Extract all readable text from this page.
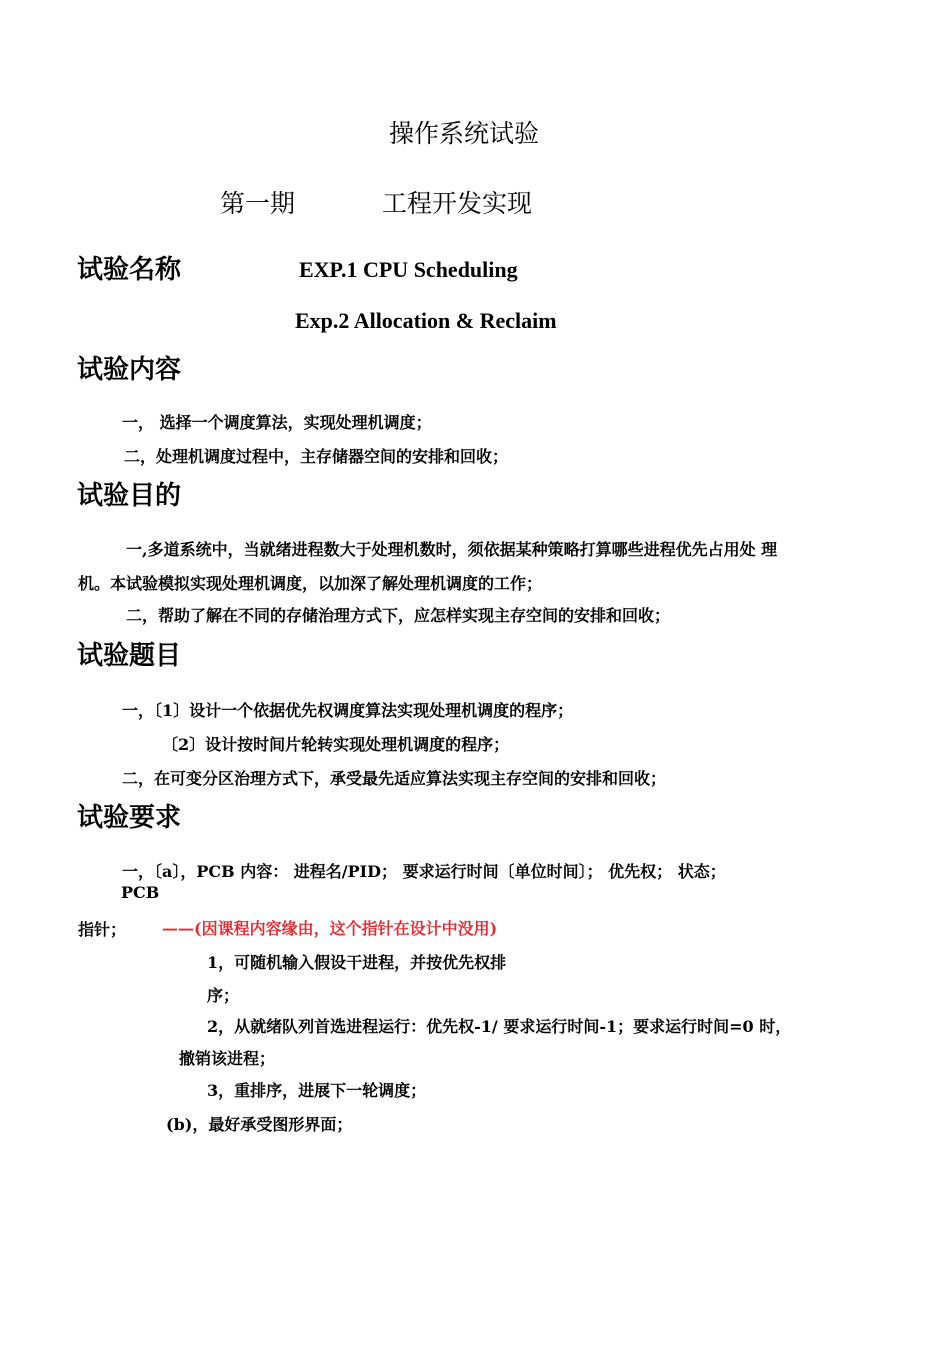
操作系统试验
第一期	工程开发实现
试验名称	EXP.1 CPU Scheduling
Exp.2 Allocation & Reclaim
试验内容
一， 选择一个调度算法，实现处理机调度；
二，处理机调度过程中，主存储器空间的安排和回收；
试验目的
一,多道系统中，当就绪进程数大于处理机数时，须依据某种策略打算哪些进程优先占用处 理
机。本试验模拟实现处理机调度，以加深了解处理机调度的工作；
二，帮助了解在不同的存储治理方式下，应怎样实现主存空间的安排和回收；
试验题目
一，〔1〕设计一个依据优先权调度算法实现处理机调度的程序；
〔2〕设计按时间片轮转实现处理机调度的程序；
二，在可变分区治理方式下，承受最先适应算法实现主存空间的安排和回收；
试验要求
一，〔a〕，PCB 内容： 进程名/PID； 要求运行时间〔单位时间〕； 优先权； 状态；
PCB
指针； ——(因课程内容缘由，这个指针在设计中没用)
1，可随机输入假设干进程，并按优先权排
序；
2，从就绪队列首选进程运行：优先权-1/ 要求运行时间-1；要求运行时间=0 时，
撤销该进程；
3，重排序，进展下一轮调度；
(b)，最好承受图形界面；
